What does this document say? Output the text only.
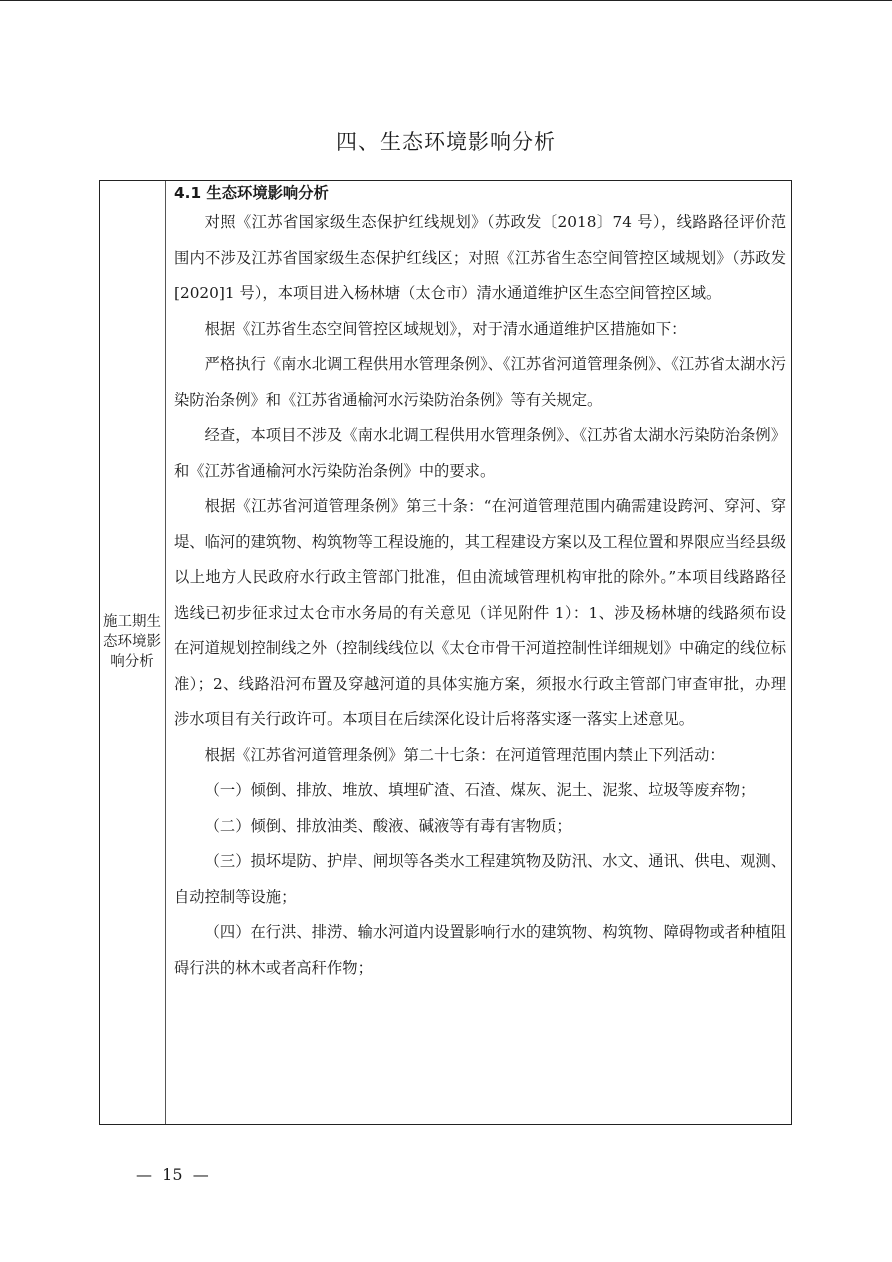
四、生态环境影响分析
施工期生态环境影响分析
4.1 生态环境影响分析

对照《江苏省国家级生态保护红线规划》（苏政发〔2018〕74 号），线路路径评价范围内不涉及江苏省国家级生态保护红线区；对照《江苏省生态空间管控区域规划》（苏政发[2020]1 号），本项目进入杨林塘（太仓市）清水通道维护区生态空间管控区域。

根据《江苏省生态空间管控区域规划》，对于清水通道维护区措施如下：

严格执行《南水北调工程供用水管理条例》、《江苏省河道管理条例》、《江苏省太湖水污染防治条例》和《江苏省通榆河水污染防治条例》等有关规定。

经查，本项目不涉及《南水北调工程供用水管理条例》、《江苏省太湖水污染防治条例》和《江苏省通榆河水污染防治条例》中的要求。

根据《江苏省河道管理条例》第三十条：“在河道管理范围内确需建设跨河、穿河、穿堤、临河的建筑物、构筑物等工程设施的，其工程建设方案以及工程位置和界限应当经县级以上地方人民政府水行政主管部门批准，但由流域管理机构审批的除外。”本项目线路路径选线已初步征求过太仓市水务局的有关意见（详见附件 1）：1、涉及杨林塘的线路须布设在河道规划控制线之外（控制线线位以《太仓市骨干河道控制性详细规划》中确定的线位标准）；2、线路沿河布置及穿越河道的具体实施方案，须报水行政主管部门审查审批，办理涉水项目有关行政许可。本项目在后续深化设计后将落实逐一落实上述意见。

根据《江苏省河道管理条例》第二十七条：在河道管理范围内禁止下列活动：

（一）倾倒、排放、堆放、填埋矿渣、石渣、煤灰、泥土、泥浆、垃圾等废弃物；

（二）倾倒、排放油类、酸液、碱液等有毒有害物质；

（三）损坏堤防、护岸、闸坝等各类水工程建筑物及防汛、水文、通讯、供电、观测、自动控制等设施；

（四）在行洪、排涝、输水河道内设置影响行水的建筑物、构筑物、障碍物或者种植阻碍行洪的林木或者高秆作物；

—  15  —
